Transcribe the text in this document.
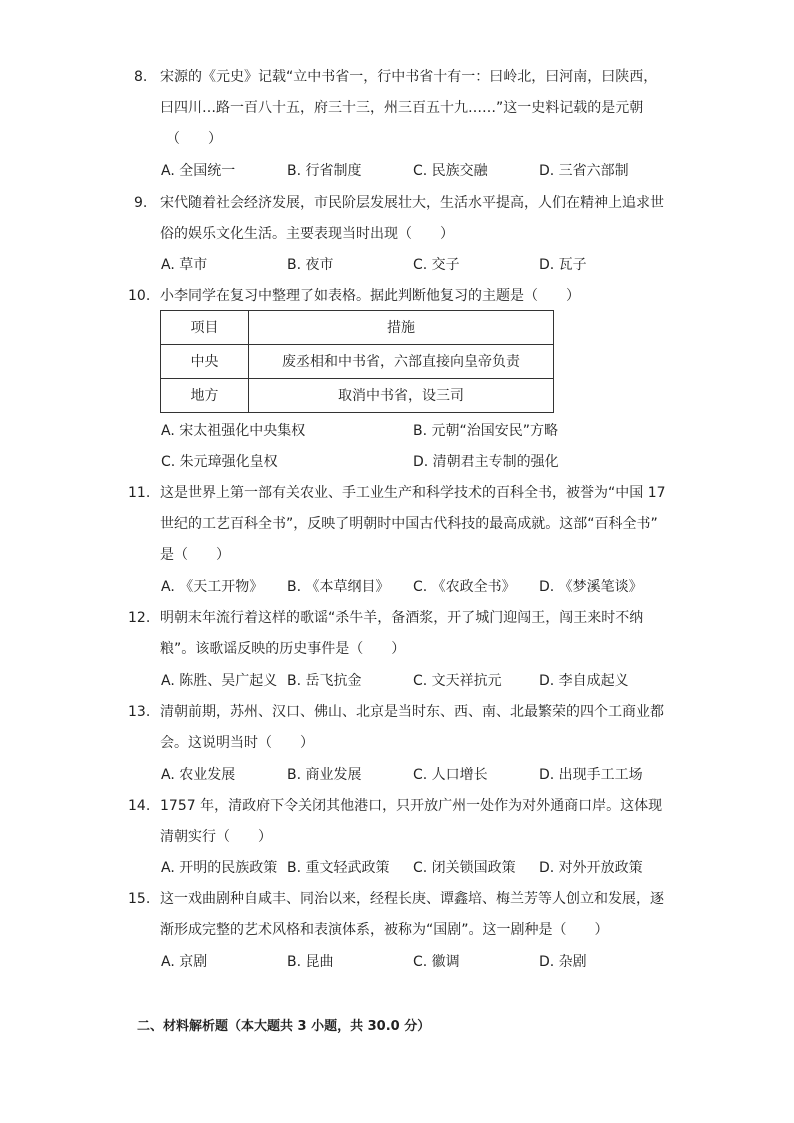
8. 宋源的《元史》记载“立中书省一，行中书省十有一：曰岭北，曰河南，曰陕西，
曰四川…路一百八十五，府三十三，州三百五十九……”这一史料记载的是元朝
（　　）
A. 全国统一	B. 行省制度	C. 民族交融	D. 三省六部制
9. 宋代随着社会经济发展，市民阶层发展壮大，生活水平提高，人们在精神上追求世
俗的娱乐文化生活。主要表现当时出现（　　）
A. 草市	B. 夜市	C. 交子	D. 瓦子
10. 小李同学在复习中整理了如表格。据此判断他复习的主题是（　　）
项目	措施
中央	废丞相和中书省，六部直接向皇帝负责
地方	取消中书省，设三司
A. 宋太祖强化中央集权	B. 元朝“治国安民”方略
C. 朱元璋强化皇权	D. 清朝君主专制的强化
11. 这是世界上第一部有关农业、手工业生产和科学技术的百科全书，被誉为“中国 17
世纪的工艺百科全书”，反映了明朝时中国古代科技的最高成就。这部“百科全书”
是（　　）
A. 《天工开物》 B. 《本草纲目》 C. 《农政全书》 D. 《梦溪笔谈》
12. 明朝末年流行着这样的歌谣“杀牛羊，备酒浆，开了城门迎闯王，闯王来时不纳
粮”。该歌谣反映的历史事件是（　　）
A. 陈胜、吴广起义 B. 岳飞抗金	C. 文天祥抗元	D. 李自成起义
13. 清朝前期，苏州、汉口、佛山、北京是当时东、西、南、北最繁荣的四个工商业都
会。这说明当时（　　）
A. 农业发展	B. 商业发展	C. 人口增长	D. 出现手工工场
14. 1757 年，清政府下令关闭其他港口，只开放广州一处作为对外通商口岸。这体现
清朝实行（　　）
A. 开明的民族政策 B. 重文轻武政策 C. 闭关锁国政策 D. 对外开放政策
15. 这一戏曲剧种自咸丰、同治以来，经程长庚、谭鑫培、梅兰芳等人创立和发展，逐
渐形成完整的艺术风格和表演体系，被称为“国剧”。这一剧种是（　　）
A. 京剧	B. 昆曲	C. 徽调	D. 杂剧
二、材料解析题（本大题共 3 小题，共 30.0 分）
